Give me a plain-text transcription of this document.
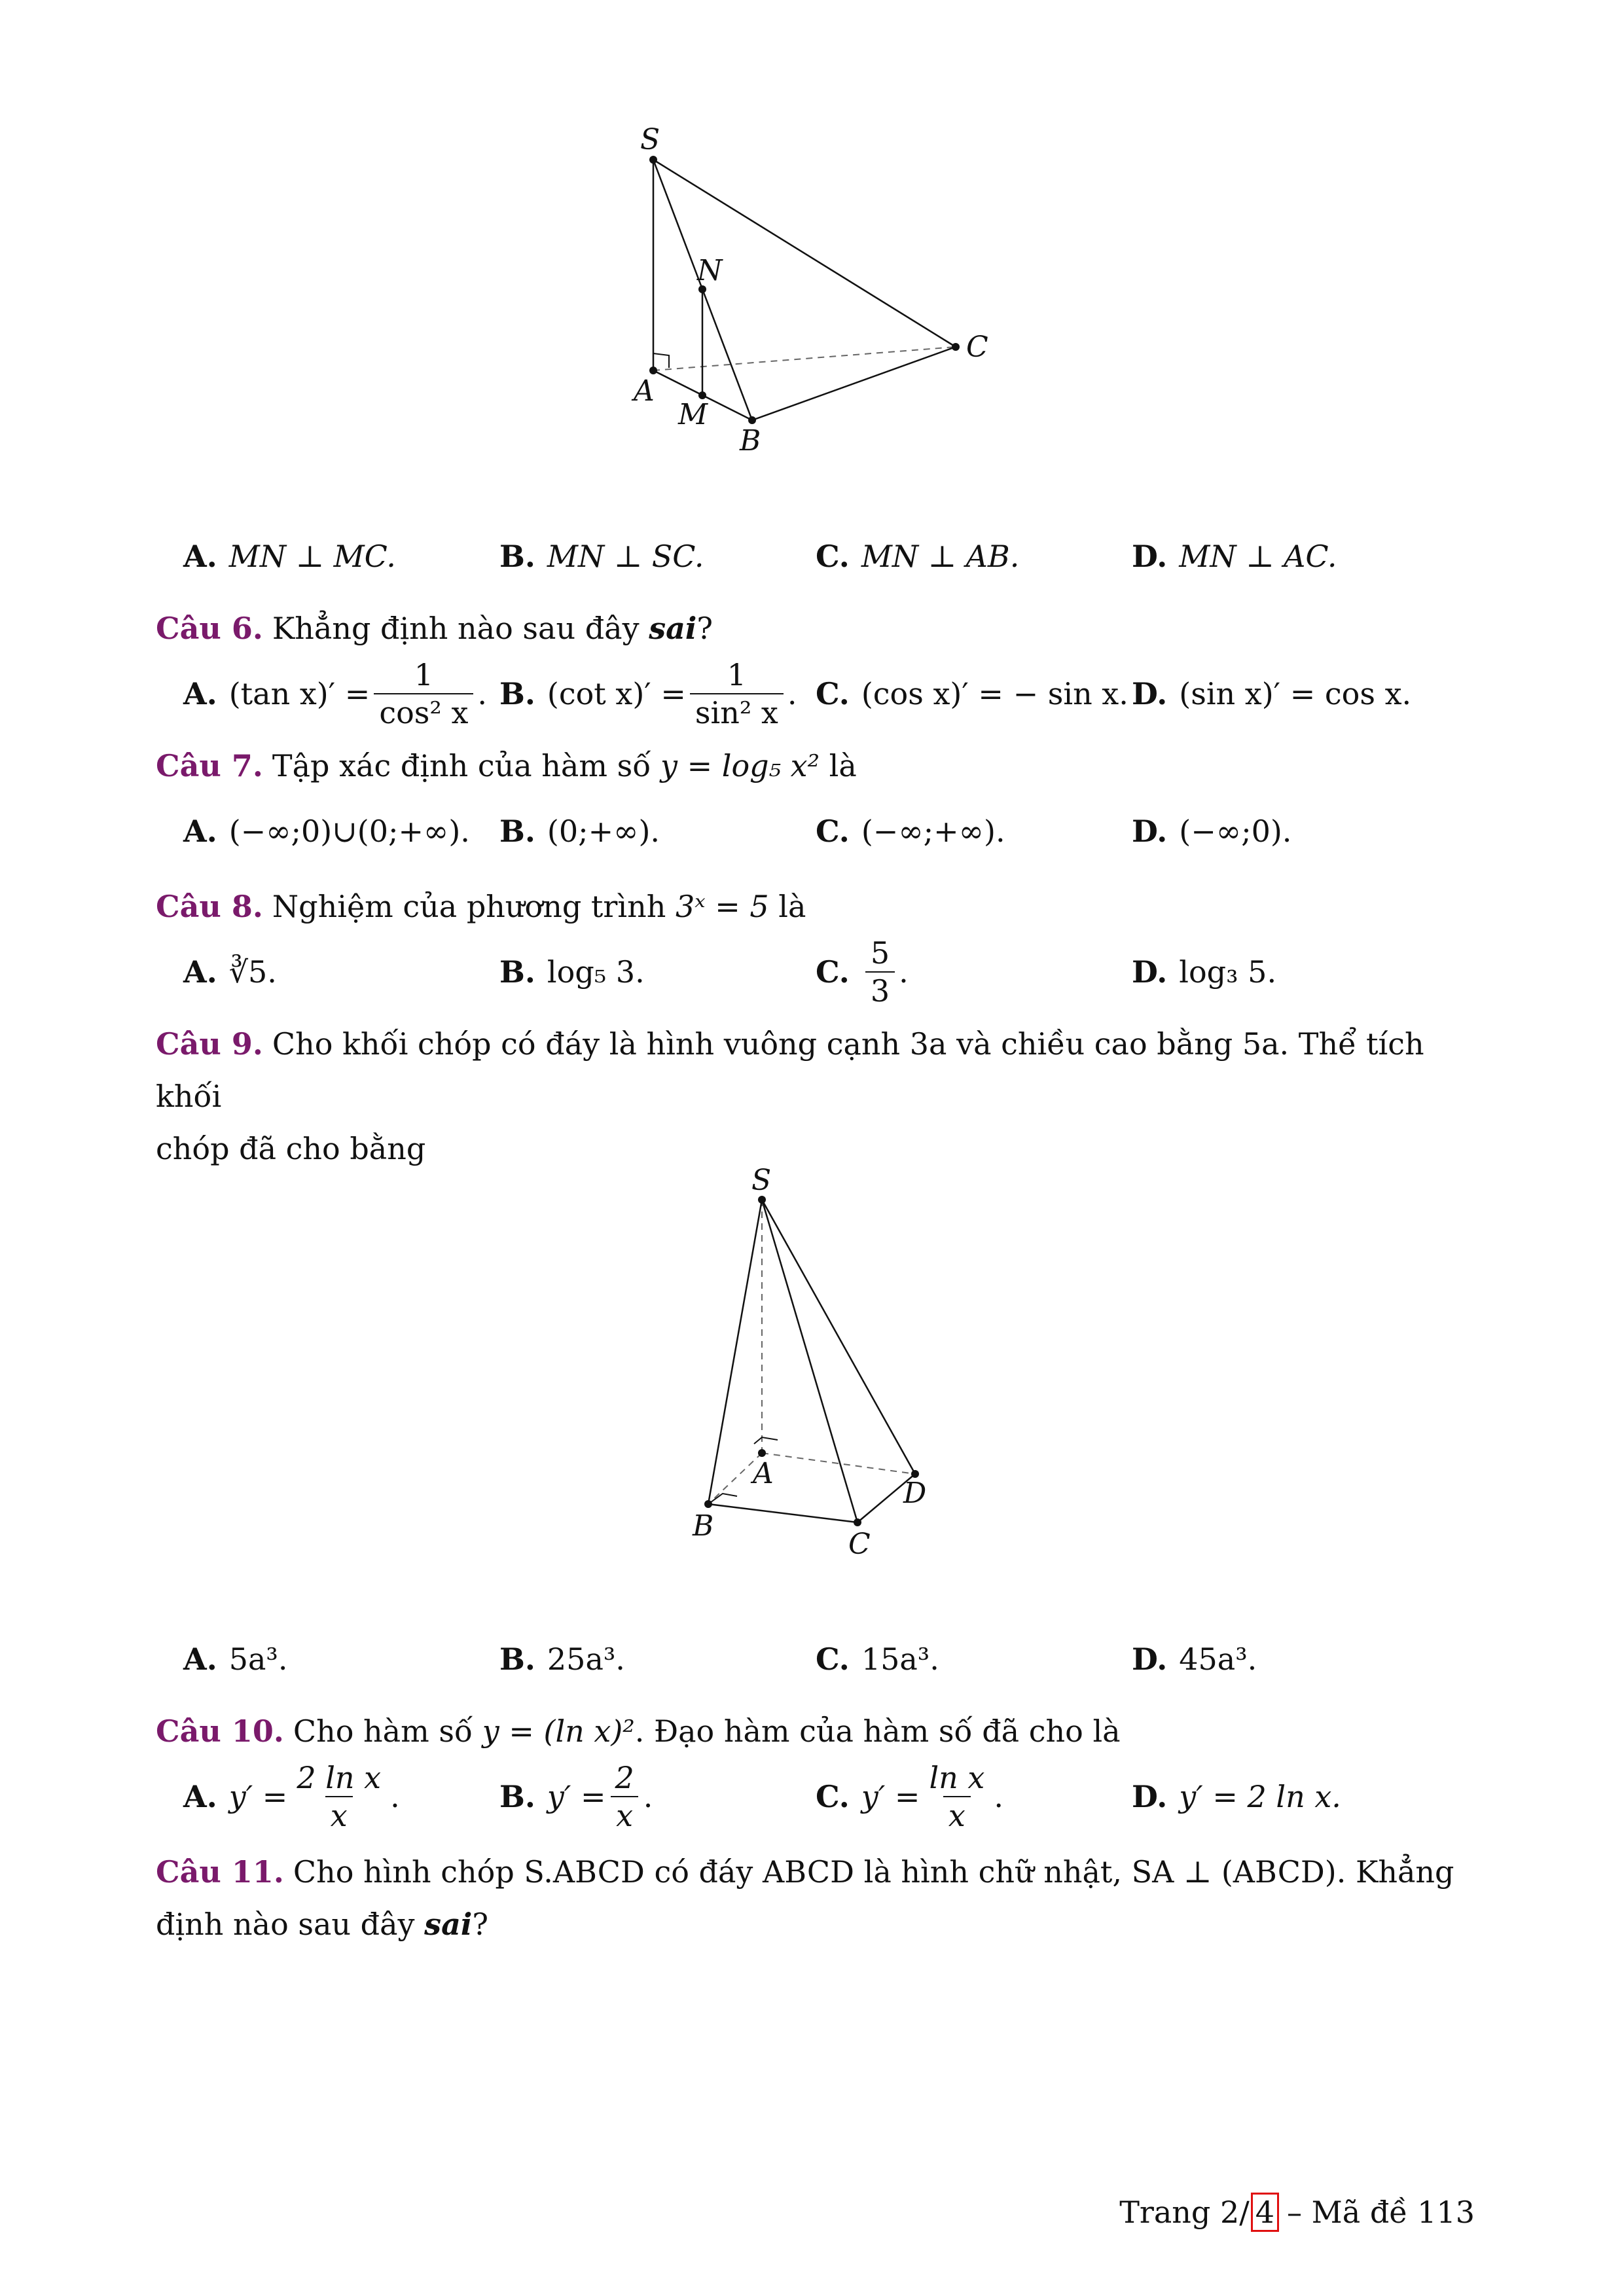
S
N
C
A
M
B
A. MN ⊥ MC.	B. MN ⊥ SC.	C. MN ⊥ AB.	D. MN ⊥ AC.
Câu 6. Khẳng định nào sau đây sai?
A. (tan $x)' = \frac{1}{\text{cos² x}}$ . B. (cot $x)' = \frac{1}{\text{sin² x}}$ . C. (cos x)′ = − sin x. D. (sin x)′ = cos x.
Câu 7. Tập xác định của hàm số y = log₅ x² là
A. (−∞;0)∪(0;+∞). B. (0;+∞).	C. (−∞;+∞).	D. (−∞;0).
Câu 8. Nghiệm của phương trình 3ˣ = 5 là
A. ∛5.	B. log₅ 3.	C. $\frac{5}{3}$ .	D. log₃ 5.
Câu 9. Cho khối chóp có đáy là hình vuông cạnh 3a và chiều cao bằng 5a. Thể tích khối
chóp đã cho bằng
S
A
D
B
C
A. 5a³.	B. 25a³.	C. 15a³.	D. 45a³.
Câu 10. Cho hàm số y = (ln x)². Đạo hàm của hàm số đã cho là
A. $y' = \frac{\text{2 ln x}}{x}$ .	B. $y' = \frac{2}{x}$ .	C. $y' = \frac{\text{ln x}}{x}$ .	D. y′ = 2 ln x.
Câu 11. Cho hình chóp S.ABCD có đáy ABCD là hình chữ nhật, SA ⊥ (ABCD). Khẳng
định nào sau đây sai?
Trang 2/ 4 – Mã đề 113
